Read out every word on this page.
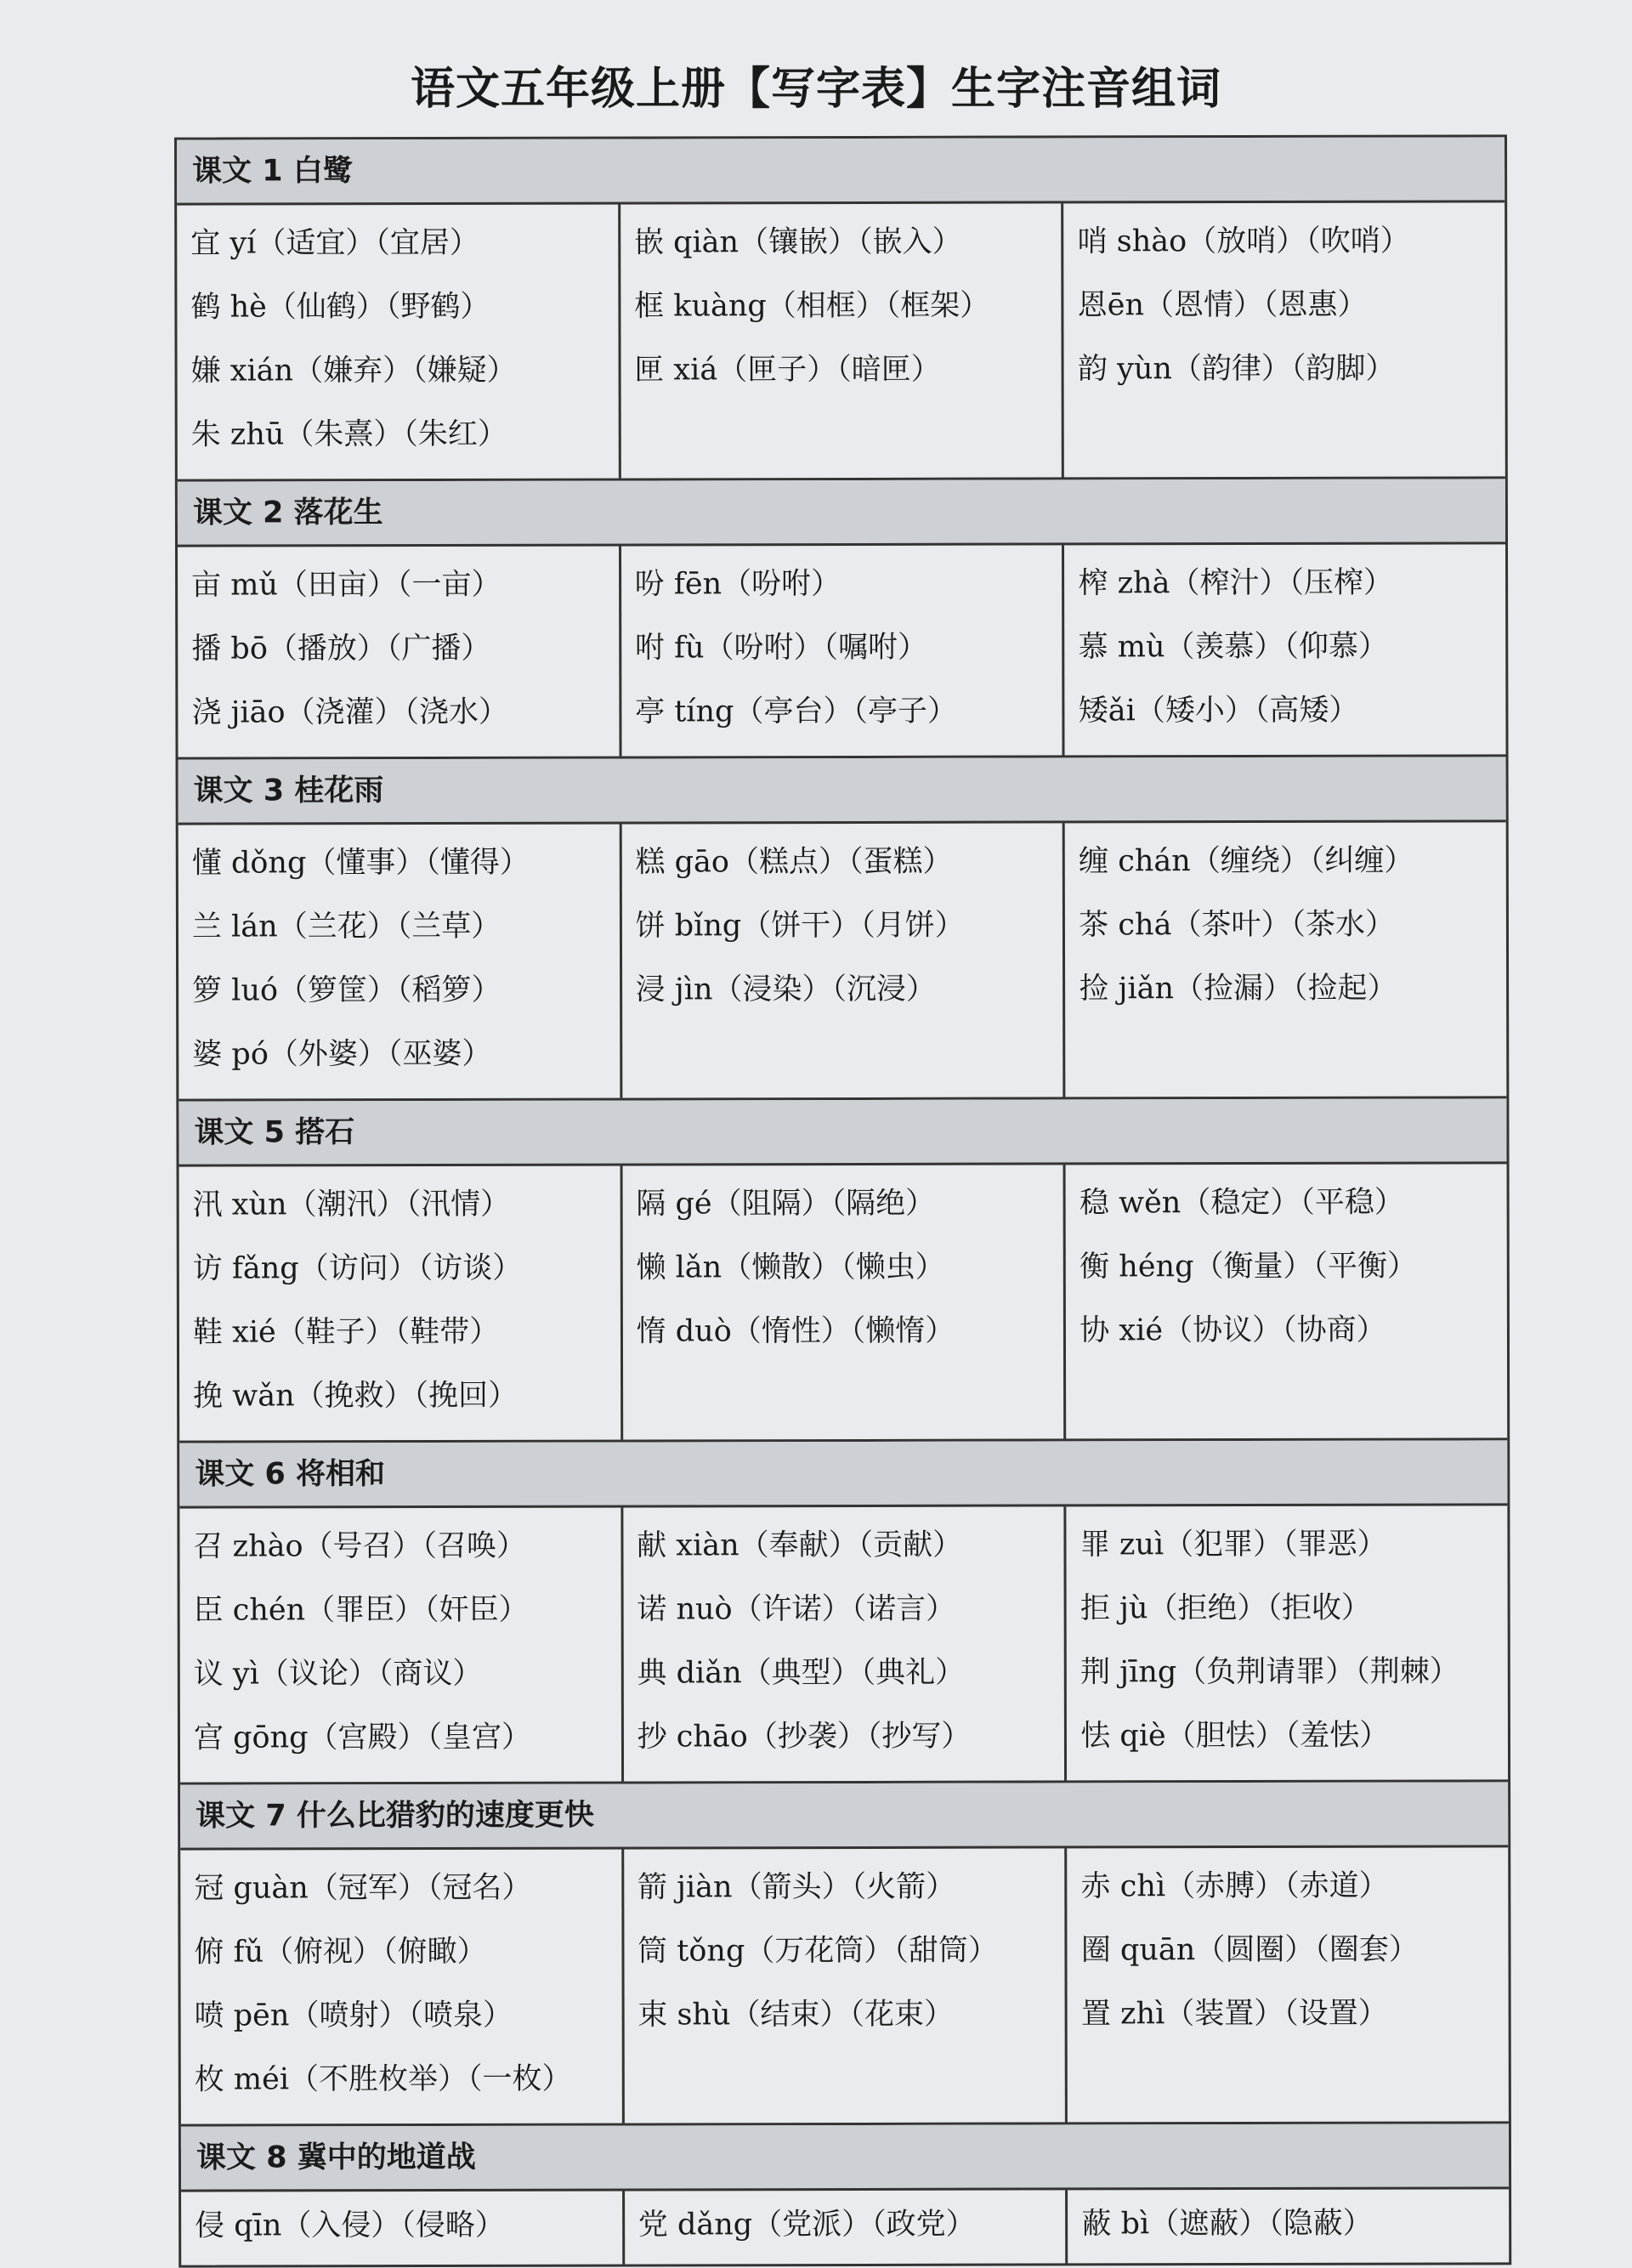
语文五年级上册【写字表】生字注音组词
课文 1 白鹭
宜 yí（适宜）（宜居）
鹤 hè（仙鹤）（野鹤）
嫌 xián（嫌弃）（嫌疑）
朱 zhū（朱熹）（朱红）
嵌 qiàn（镶嵌）（嵌入）
框 kuàng（相框）（框架）
匣 xiá（匣子）（暗匣）
哨 shào（放哨）（吹哨）
恩ēn（恩情）（恩惠）
韵 yùn（韵律）（韵脚）
课文 2 落花生
亩 mǔ（田亩）（一亩）
播 bō（播放）（广播）
浇 jiāo（浇灌）（浇水）
吩 fēn（吩咐）
咐 fù（吩咐）（嘱咐）
亭 tíng（亭台）（亭子）
榨 zhà（榨汁）（压榨）
慕 mù（羡慕）（仰慕）
矮ǎi（矮小）（高矮）
课文 3 桂花雨
懂 dǒng（懂事）（懂得）
兰 lán（兰花）（兰草）
箩 luó（箩筐）（稻箩）
婆 pó（外婆）（巫婆）
糕 gāo（糕点）（蛋糕）
饼 bǐng（饼干）（月饼）
浸 jìn（浸染）（沉浸）
缠 chán（缠绕）（纠缠）
茶 chá（茶叶）（茶水）
捡 jiǎn（捡漏）（捡起）
课文 5 搭石
汛 xùn（潮汛）（汛情）
访 fǎng（访问）（访谈）
鞋 xié（鞋子）（鞋带）
挽 wǎn（挽救）（挽回）
隔 gé（阻隔）（隔绝）
懒 lǎn（懒散）（懒虫）
惰 duò（惰性）（懒惰）
稳 wěn（稳定）（平稳）
衡 héng（衡量）（平衡）
协 xié（协议）（协商）
课文 6 将相和
召 zhào（号召）（召唤）
臣 chén（罪臣）（奸臣）
议 yì（议论）（商议）
宫 gōng（宫殿）（皇宫）
献 xiàn（奉献）（贡献）
诺 nuò（许诺）（诺言）
典 diǎn（典型）（典礼）
抄 chāo（抄袭）（抄写）
罪 zuì（犯罪）（罪恶）
拒 jù（拒绝）（拒收）
荆 jīng（负荆请罪）（荆棘）
怯 qiè（胆怯）（羞怯）
课文 7 什么比猎豹的速度更快
冠 guàn（冠军）（冠名）
俯 fǔ（俯视）（俯瞰）
喷 pēn（喷射）（喷泉）
枚 méi（不胜枚举）（一枚）
箭 jiàn（箭头）（火箭）
筒 tǒng（万花筒）（甜筒）
束 shù（结束）（花束）
赤 chì（赤膊）（赤道）
圈 quān（圆圈）（圈套）
置 zhì（装置）（设置）
课文 8 冀中的地道战
侵 qīn（入侵）（侵略）	党 dǎng（党派）（政党）	蔽 bì（遮蔽）（隐蔽）
